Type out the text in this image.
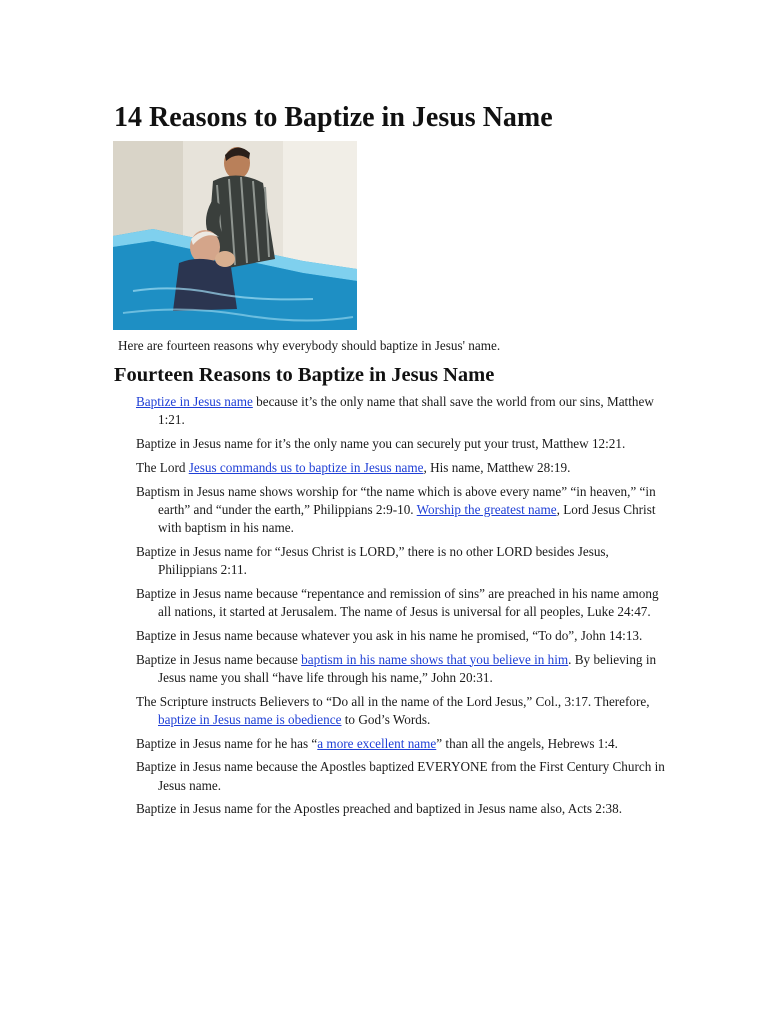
14 Reasons to Baptize in Jesus Name

Here are fourteen reasons why everybody should baptize in Jesus' name.

Fourteen Reasons to Baptize in Jesus Name
Baptize in Jesus name because it’s the only name that shall save the world from our sins, Matthew 1:21.
Baptize in Jesus name for it’s the only name you can securely put your trust, Matthew 12:21.
The Lord Jesus commands us to baptize in Jesus name, His name, Matthew 28:19.
Baptism in Jesus name shows worship for “the name which is above every name” “in heaven,” “in earth” and “under the earth,” Philippians 2:9-10. Worship the greatest name, Lord Jesus Christ with baptism in his name.
Baptize in Jesus name for “Jesus Christ is LORD,” there is no other LORD besides Jesus, Philippians 2:11.
Baptize in Jesus name because “repentance and remission of sins” are preached in his name among all nations, it started at Jerusalem. The name of Jesus is universal for all peoples, Luke 24:47.
Baptize in Jesus name because whatever you ask in his name he promised, “To do”, John 14:13.
Baptize in Jesus name because baptism in his name shows that you believe in him. By believing in Jesus name you shall “have life through his name,” John 20:31.
The Scripture instructs Believers to “Do all in the name of the Lord Jesus,” Col., 3:17. Therefore, baptize in Jesus name is obedience to God’s Words.
Baptize in Jesus name for he has “a more excellent name” than all the angels, Hebrews 1:4.
Baptize in Jesus name because the Apostles baptized EVERYONE from the First Century Church in Jesus name.
Baptize in Jesus name for the Apostles preached and baptized in Jesus name also, Acts 2:38.
